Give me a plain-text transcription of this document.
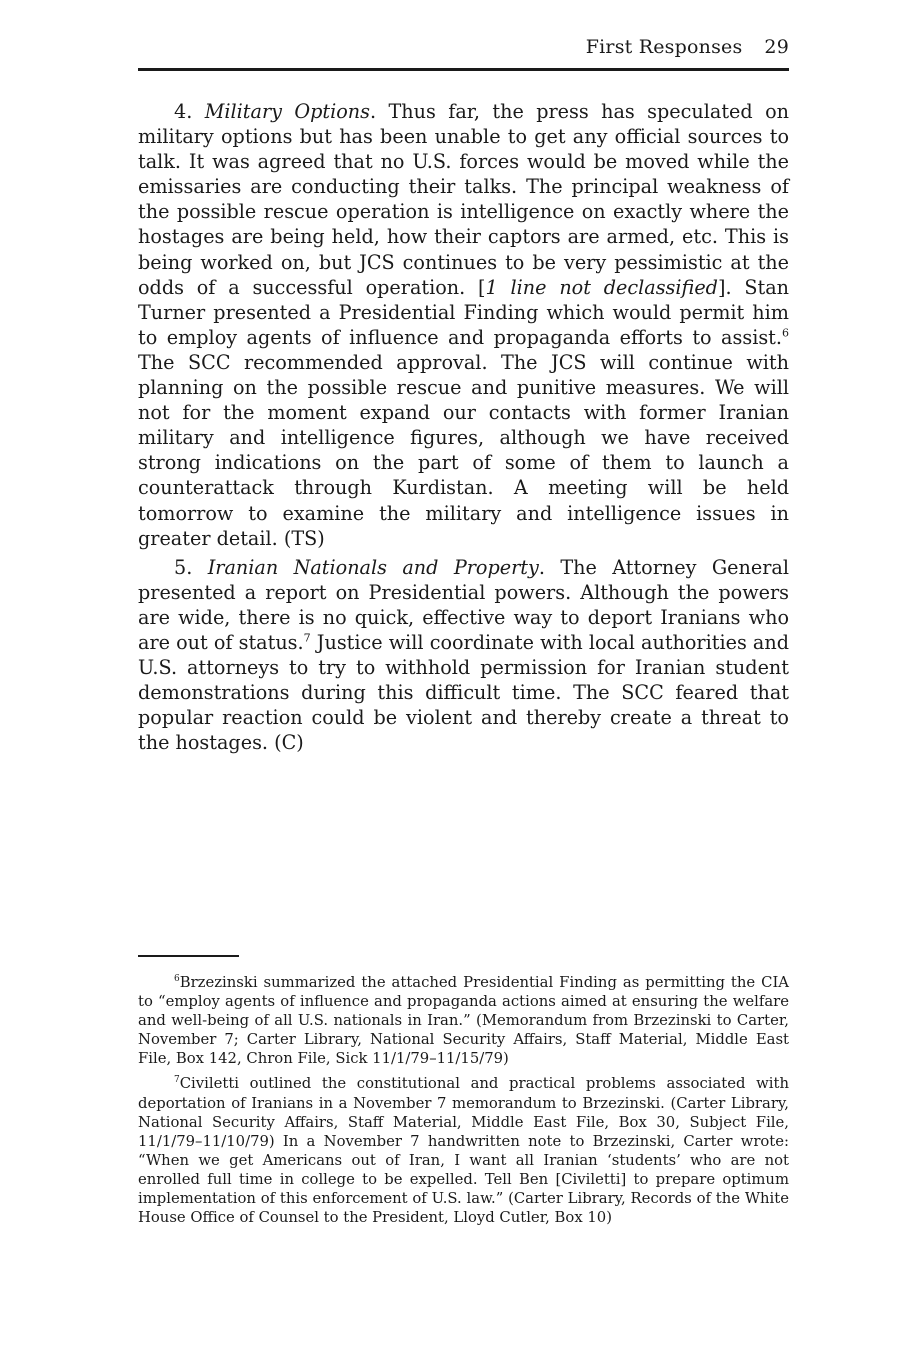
First Responses 29

4. Military Options. Thus far, the press has speculated on military options but has been unable to get any official sources to talk. It was agreed that no U.S. forces would be moved while the emissaries are conducting their talks. The principal weakness of the possible rescue operation is intelligence on exactly where the hostages are being held, how their captors are armed, etc. This is being worked on, but JCS continues to be very pessimistic at the odds of a successful operation. [1 line not declassified]. Stan Turner presented a Presidential Finding which would permit him to employ agents of influence and propaganda efforts to assist.$^6$ The SCC recommended approval. The JCS will continue with planning on the possible rescue and punitive measures. We will not for the moment expand our contacts with former Iranian military and intelligence figures, although we have received strong indications on the part of some of them to launch a counterattack through Kurdistan. A meeting will be held tomorrow to examine the military and intelligence issues in greater detail. (TS)

5. Iranian Nationals and Property. The Attorney General presented a report on Presidential powers. Although the powers are wide, there is no quick, effective way to deport Iranians who are out of status.$^7$ Justice will coordinate with local authorities and U.S. attorneys to try to withhold permission for Iranian student demonstrations during this difficult time. The SCC feared that popular reaction could be violent and thereby create a threat to the hostages. (C)

$^6$Brzezinski summarized the attached Presidential Finding as permitting the CIA to “employ agents of influence and propaganda actions aimed at ensuring the welfare and well-being of all U.S. nationals in Iran.” (Memorandum from Brzezinski to Carter, November 7; Carter Library, National Security Affairs, Staff Material, Middle East File, Box 142, Chron File, Sick 11/1/79–11/15/79)

$^7$Civiletti outlined the constitutional and practical problems associated with deportation of Iranians in a November 7 memorandum to Brzezinski. (Carter Library, National Security Affairs, Staff Material, Middle East File, Box 30, Subject File, 11/1/79–11/10/79) In a November 7 handwritten note to Brzezinski, Carter wrote: “When we get Americans out of Iran, I want all Iranian ‘students’ who are not enrolled full time in college to be expelled. Tell Ben [Civiletti] to prepare optimum implementation of this enforcement of U.S. law.” (Carter Library, Records of the White House Office of Counsel to the President, Lloyd Cutler, Box 10)
